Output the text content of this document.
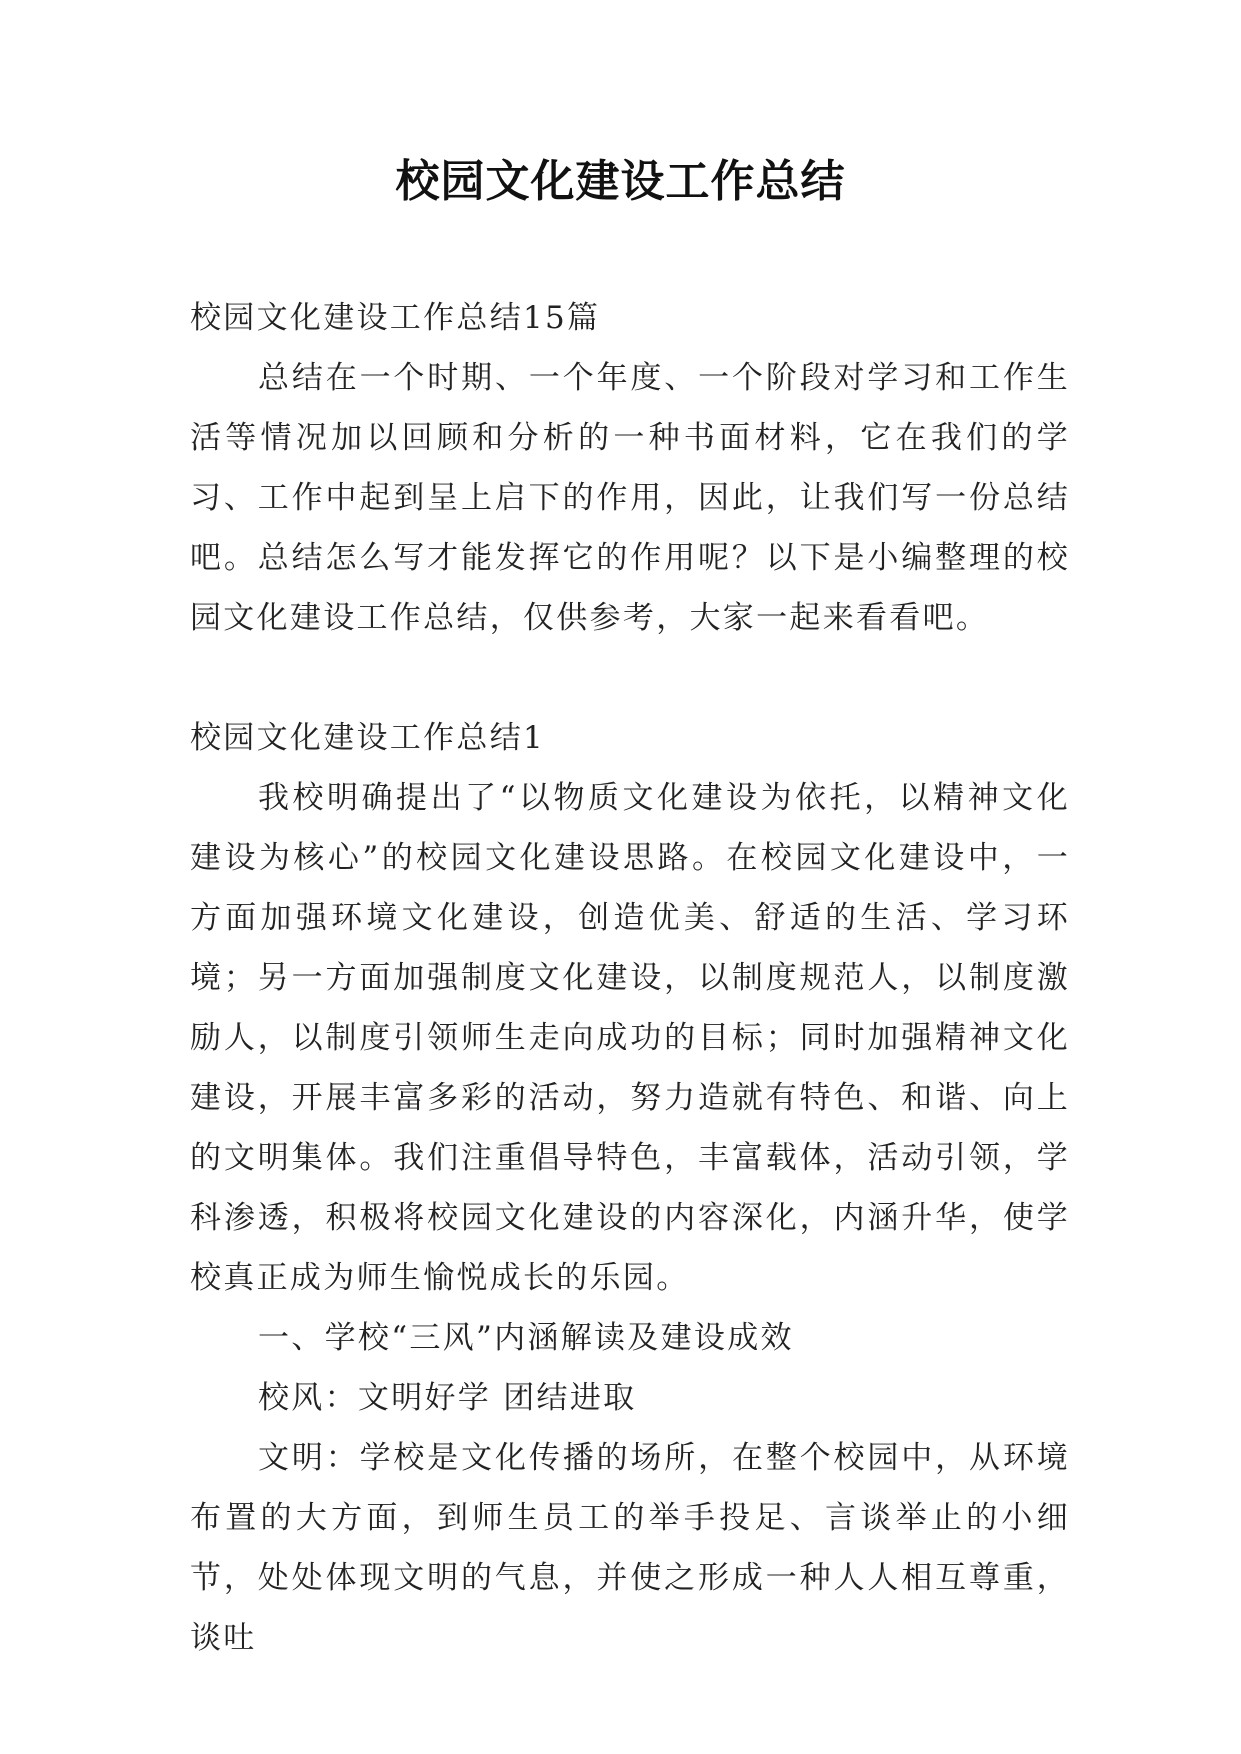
校园文化建设工作总结

校园文化建设工作总结15篇

总结在一个时期、一个年度、一个阶段对学习和工作生活等情况加以回顾和分析的一种书面材料，它在我们的学习、工作中起到呈上启下的作用，因此，让我们写一份总结吧。总结怎么写才能发挥它的作用呢？以下是小编整理的校园文化建设工作总结，仅供参考，大家一起来看看吧。

校园文化建设工作总结1

我校明确提出了“以物质文化建设为依托，以精神文化建设为核心”的校园文化建设思路。在校园文化建设中，一方面加强环境文化建设，创造优美、舒适的生活、学习环境；另一方面加强制度文化建设，以制度规范人，以制度激励人，以制度引领师生走向成功的目标；同时加强精神文化建设，开展丰富多彩的活动，努力造就有特色、和谐、向上的文明集体。我们注重倡导特色，丰富载体，活动引领，学科渗透，积极将校园文化建设的内容深化，内涵升华，使学校真正成为师生愉悦成长的乐园。

一、学校“三风”内涵解读及建设成效

校风：文明好学 团结进取

文明：学校是文化传播的场所，在整个校园中，从环境布置的大方面，到师生员工的举手投足、言谈举止的小细节，处处体现文明的气息，并使之形成一种人人相互尊重，谈吐
